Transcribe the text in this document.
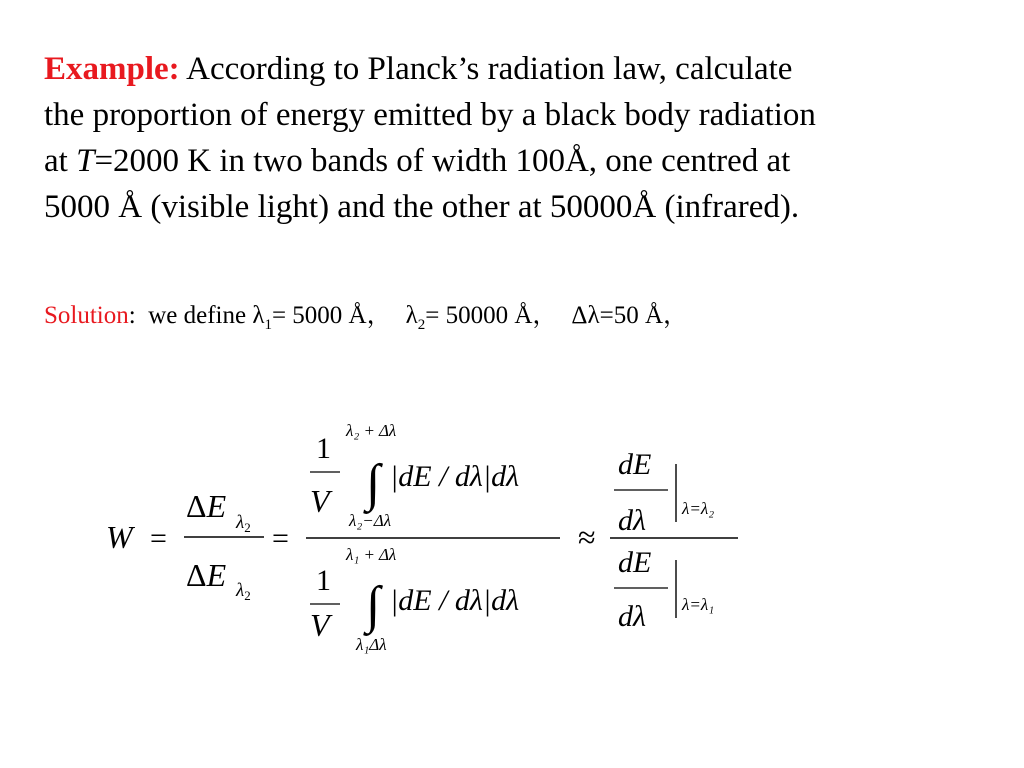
Example: According to Planck’s radiation law, calculate
the proportion of energy emitted by a black body radiation
at T=2000 K in two bands of width 100Å, one centred at
5000 Å (visible light) and the other at 50000Å (infrared).
Solution: we define $\lambda_1= 5000$ Å， $\lambda_2= 50000$ Å， Δλ=50 Å，
W =
ΔE $\lambda_2$
ΔE $\lambda_2$
=
1
V
λ₂ + Δλ
∫
λ₂−Δλ
|dE / dλ|dλ
1
V
λ₁ + Δλ
∫
λ₁Δλ
|dE / dλ|dλ
≈
dE
dλ λ=λ₂
dE
dλ λ=λ₁
